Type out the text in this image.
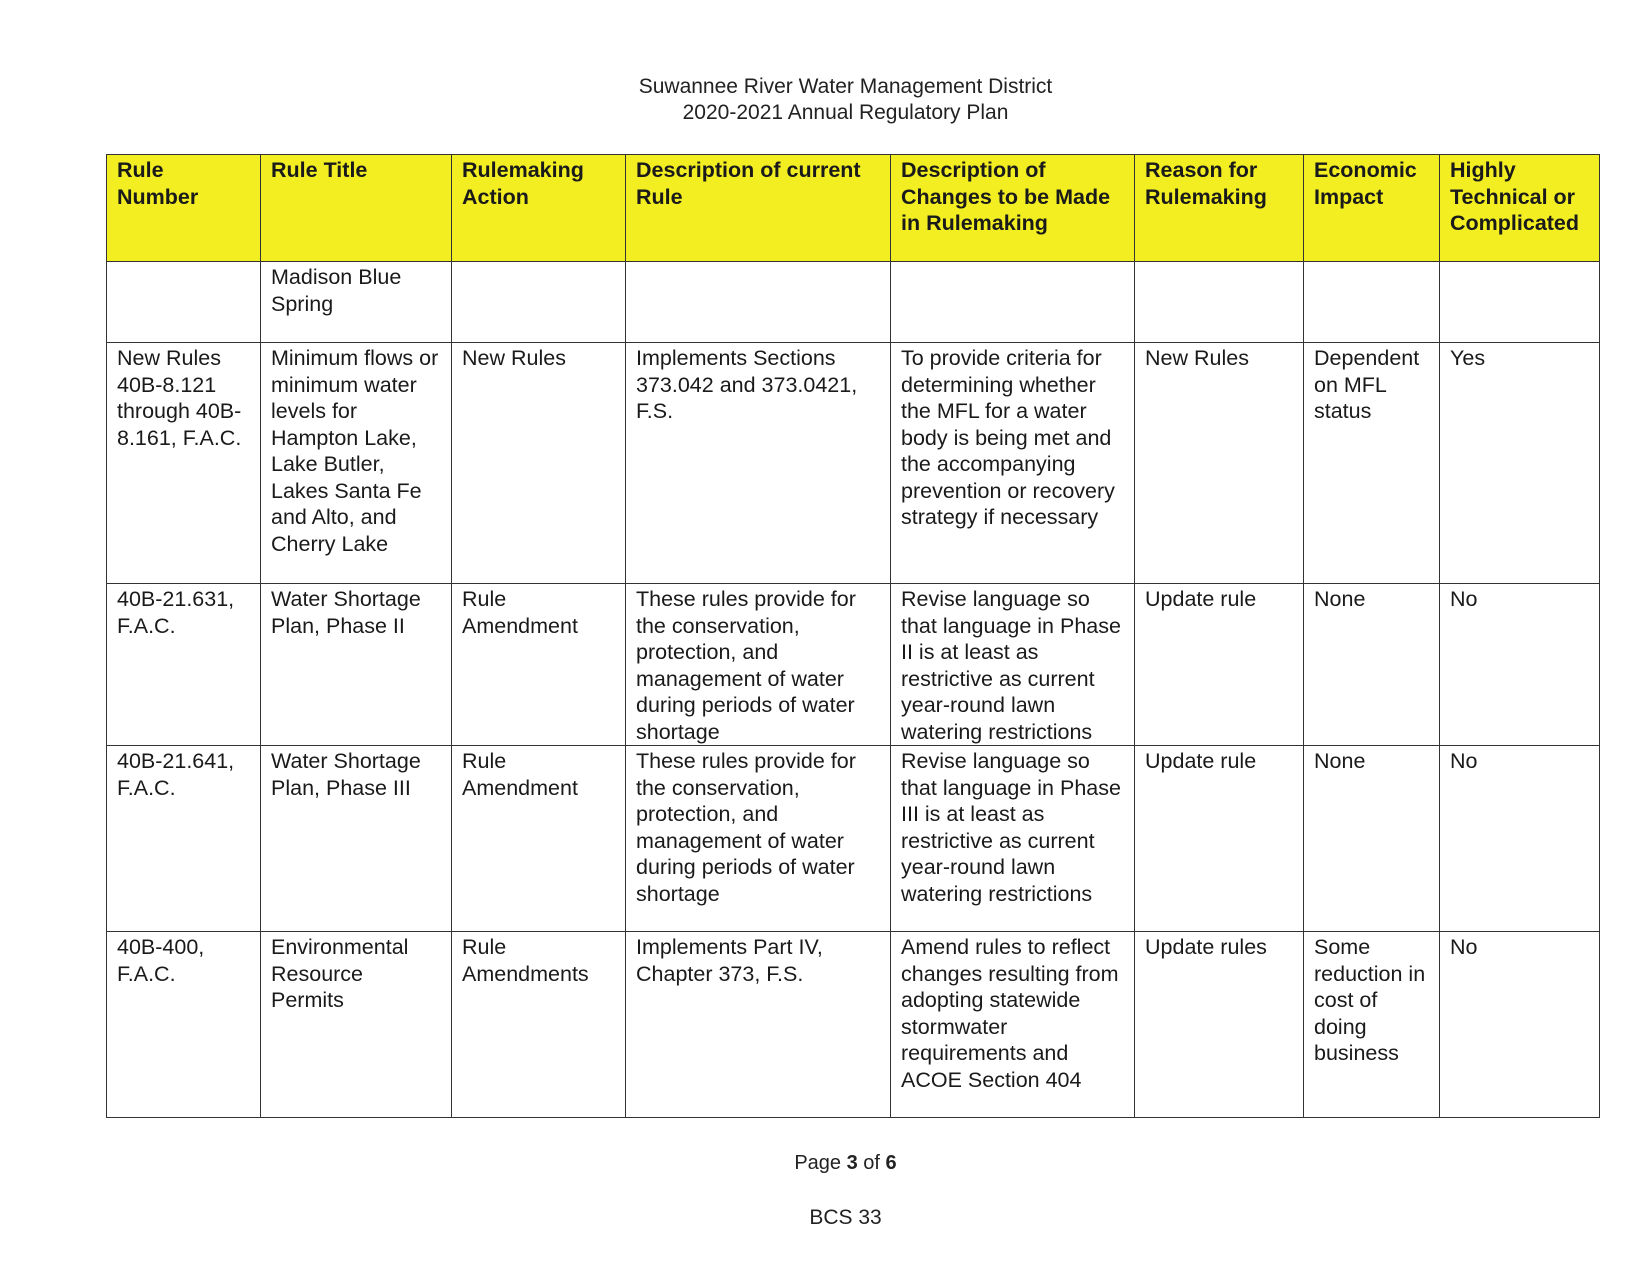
Suwannee River Water Management District
2020-2021 Annual Regulatory Plan
Rule Number	Rule Title	Rulemaking Action	Description of current Rule	Description of Changes to be Made in Rulemaking	Reason for Rulemaking	Economic Impact	Highly Technical or Complicated
	Madison Blue Spring						
New Rules 40B-8.121 through 40B-8.161, F.A.C.	Minimum flows or minimum water levels for Hampton Lake, Lake Butler, Lakes Santa Fe and Alto, and Cherry Lake	New Rules	Implements Sections 373.042 and 373.0421, F.S.	To provide criteria for determining whether the MFL for a water body is being met and the accompanying prevention or recovery strategy if necessary	New Rules	Dependent on MFL status	Yes
40B-21.631, F.A.C.	Water Shortage Plan, Phase II	Rule Amendment	These rules provide for the conservation, protection, and management of water during periods of water shortage	Revise language so that language in Phase II is at least as restrictive as current year-round lawn watering restrictions	Update rule	None	No
40B-21.641, F.A.C.	Water Shortage Plan, Phase III	Rule Amendment	These rules provide for the conservation, protection, and management of water during periods of water shortage	Revise language so that language in Phase III is at least as restrictive as current year-round lawn watering restrictions	Update rule	None	No
40B-400, F.A.C.	Environmental Resource Permits	Rule Amendments	Implements Part IV, Chapter 373, F.S.	Amend rules to reflect changes resulting from adopting statewide stormwater requirements and ACOE Section 404	Update rules	Some reduction in cost of doing business	No
Page 3 of 6
BCS 33
